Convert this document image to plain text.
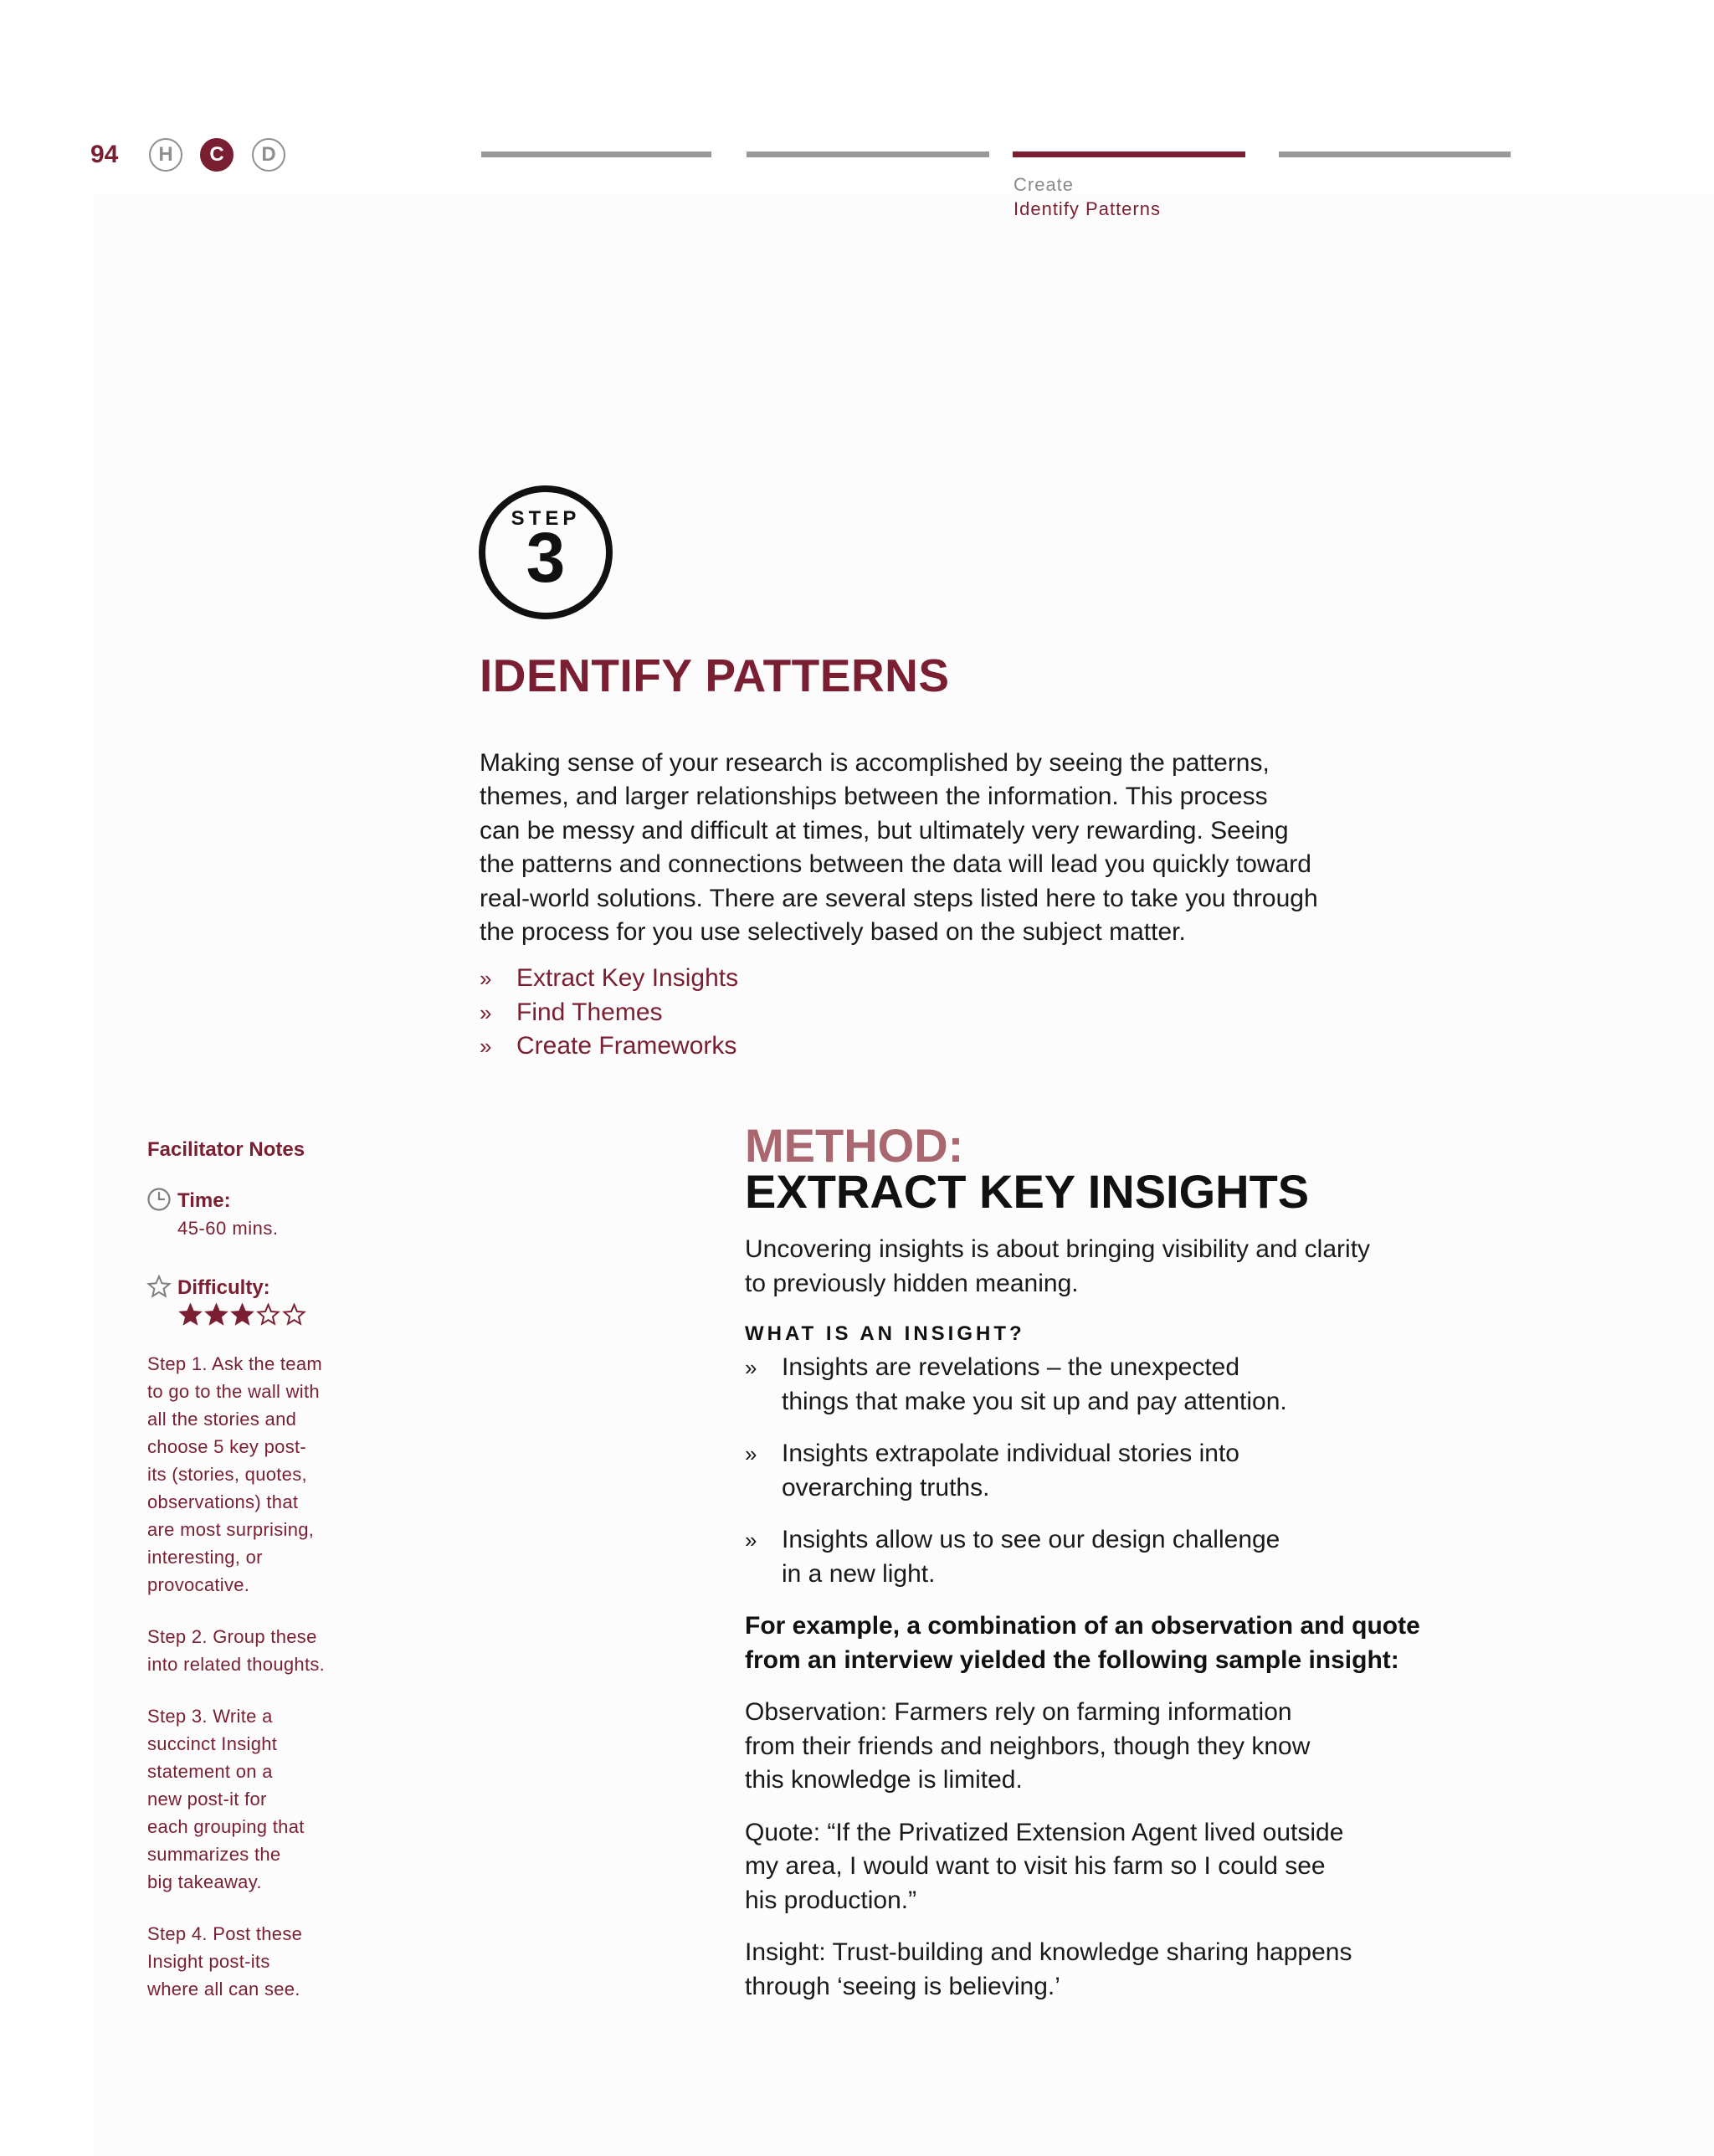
94	H	C	D
Create
Identify Patterns
STEP
3
IDENTIFY PATTERNS

Making sense of your research is accomplished by seeing the patterns,
themes, and larger relationships between the information. This process
can be messy and difficult at times, but ultimately very rewarding. Seeing
the patterns and connections between the data will lead you quickly toward
real-world solutions. There are several steps listed here to take you through
the process for you use selectively based on the subject matter.

» Extract Key Insights
» Find Themes
» Create Frameworks
Facilitator Notes
Time:
45-60 mins.
Difficulty:

Step 1. Ask the team
to go to the wall with
all the stories and
choose 5 key post-
its (stories, quotes,
observations) that
are most surprising,
interesting, or
provocative.

Step 2. Group these
into related thoughts.

Step 3. Write a
succinct Insight
statement on a
new post-it for
each grouping that
summarizes the
big takeaway.

Step 4. Post these
Insight post-its
where all can see.

METHOD:
EXTRACT KEY INSIGHTS

Uncovering insights is about bringing visibility and clarity
to previously hidden meaning.

WHAT IS AN INSIGHT?
» Insights are revelations – the unexpected
things that make you sit up and pay attention.
» Insights extrapolate individual stories into
overarching truths.
» Insights allow us to see our design challenge
in a new light.

For example, a combination of an observation and quote
from an interview yielded the following sample insight:

Observation: Farmers rely on farming information
from their friends and neighbors, though they know
this knowledge is limited.

Quote: “If the Privatized Extension Agent lived outside
my area, I would want to visit his farm so I could see
his production.”

Insight: Trust-building and knowledge sharing happens
through ‘seeing is believing.’
